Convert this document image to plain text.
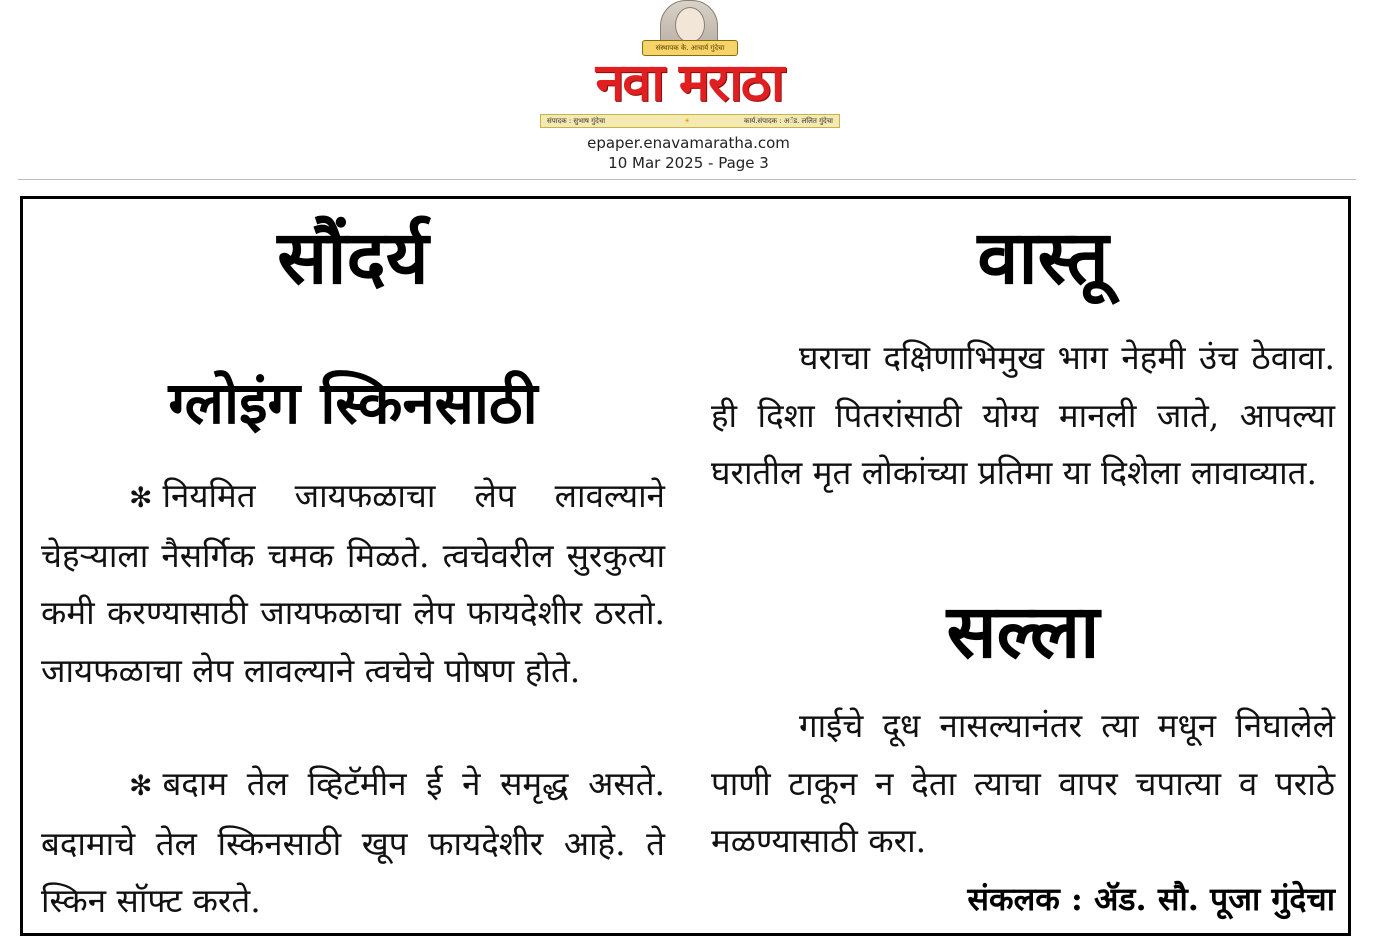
संस्थापक के. आचार्य गुंदेचा
नवा मराठा
संपादक : सुभाष गुंदेचा	☀	कार्य.संपादक : अॅड. ललित गुंदेचा
epaper.enavamaratha.com
10 Mar 2025 - Page 3
सौंदर्य
ग्लोइंग स्किनसाठी
✻ नियमित जायफळाचा लेप लावल्याने चेहऱ्याला नैसर्गिक चमक मिळते. त्वचेवरील सुरकुत्या कमी करण्यासाठी जायफळाचा लेप फायदेशीर ठरतो. जायफळाचा लेप लावल्याने त्वचेचे पोषण होते.
✻ बदाम तेल व्हिटॅमीन ई ने समृद्ध असते. बदामाचे तेल स्किनसाठी खूप फायदेशीर आहे. ते स्किन सॉफ्ट करते.
वास्तू
घराचा दक्षिणाभिमुख भाग नेहमी उंच ठेवावा. ही दिशा पितरांसाठी योग्य मानली जाते, आपल्या घरातील मृत लोकांच्या प्रतिमा या दिशेला लावाव्यात.
सल्ला
गाईचे दूध नासल्यानंतर त्या मधून निघालेले पाणी टाकून न देता त्याचा वापर चपात्या व पराठे मळण्यासाठी करा.
संकलक : ॲड. सौ. पूजा गुंदेचा
